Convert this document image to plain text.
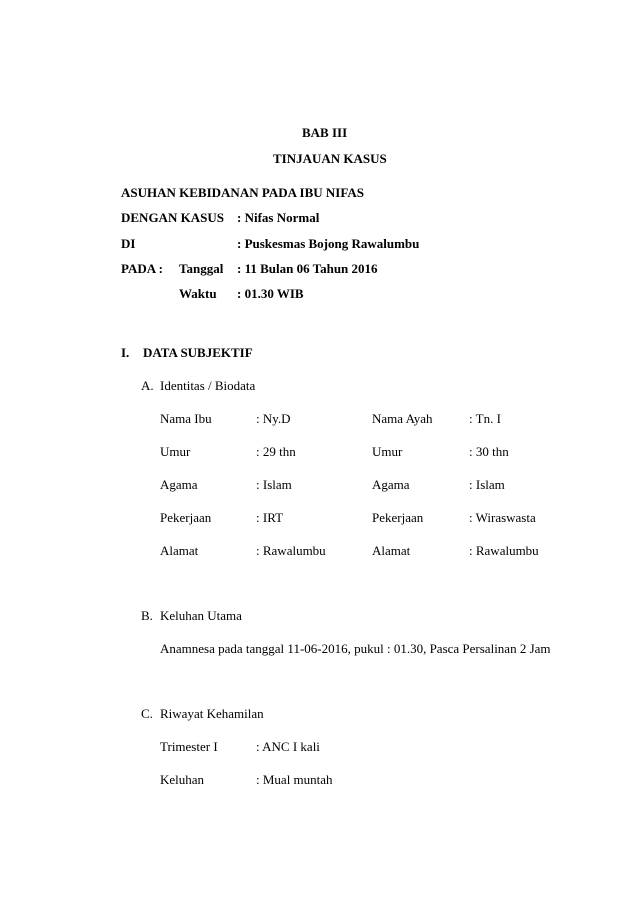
BAB III
TINJAUAN KASUS
ASUHAN KEBIDANAN PADA IBU NIFAS
DENGAN KASUS : Nifas Normal
DI	: Puskesmas Bojong Rawalumbu
PADA : Tanggal : 11 Bulan 06 Tahun 2016
Waktu : 01.30 WIB
I. DATA SUBJEKTIF
A. Identitas / Biodata
Nama Ibu	: Ny.D	Nama Ayah	: Tn. I
Umur	: 29 thn	Umur	: 30 thn
Agama	: Islam	Agama	: Islam
Pekerjaan	: IRT	Pekerjaan	: Wiraswasta
Alamat	: Rawalumbu	Alamat	: Rawalumbu
B. Keluhan Utama
Anamnesa pada tanggal 11-06-2016, pukul : 01.30, Pasca Persalinan 2 Jam
C. Riwayat Kehamilan
Trimester I	: ANC I kali
Keluhan	: Mual muntah
